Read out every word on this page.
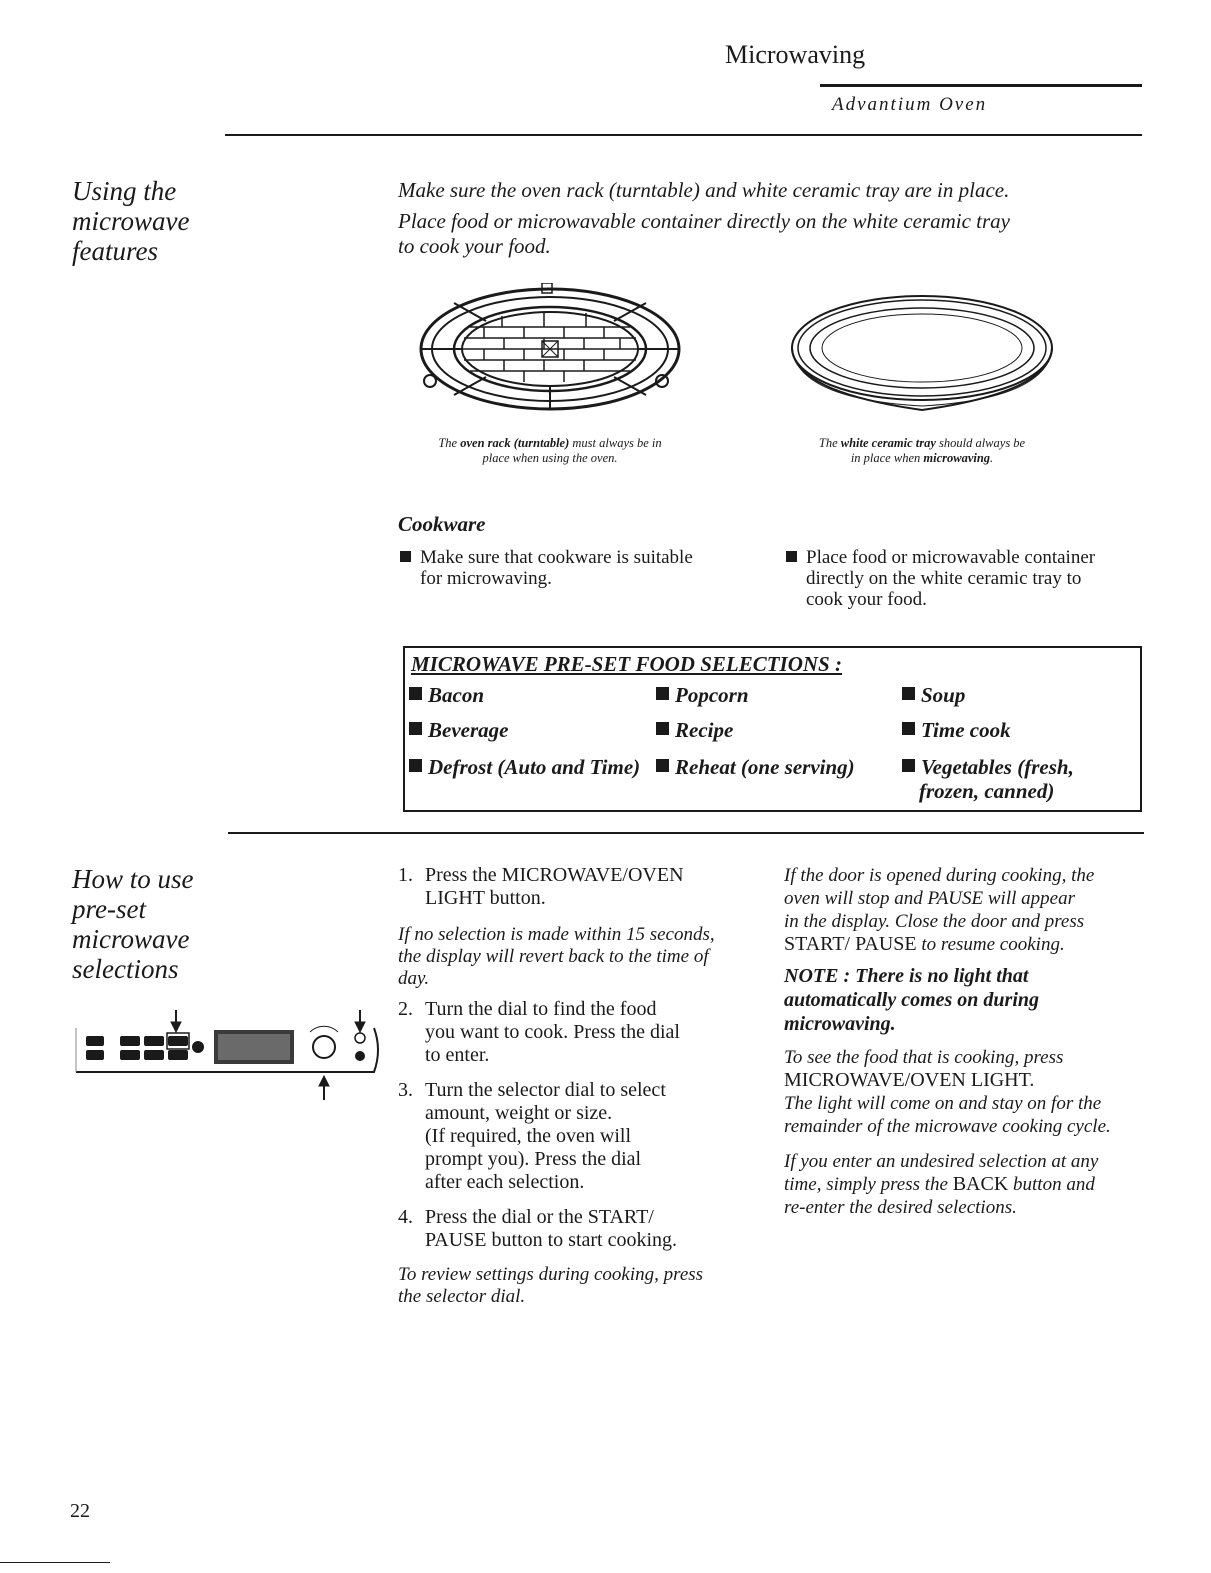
Microwaving
Advantium Oven
Using the
microwave
features
Make sure the oven rack (turntable) and white ceramic tray are in place.
Place food or microwavable container directly on the white ceramic tray
to cook your food.
The oven rack (turntable) must always be in
place when using the oven.
The white ceramic tray should always be
in place when microwaving.
Cookware
Make sure that cookware is suitable
for microwaving.
Place food or microwavable container
directly on the white ceramic tray to
cook your food.
MICROWAVE PRE-SET FOOD SELECTIONS :
Bacon
Beverage
Defrost (Auto and Time)
Popcorn
Recipe
Reheat (one serving)
Soup
Time cook
Vegetables (fresh,
frozen, canned)
How to use
pre-set
microwave
selections
1. Press the MICROWAVE/OVEN
LIGHT button.
If no selection is made within 15 seconds,
the display will revert back to the time of
day.
2. Turn the dial to find the food
you want to cook. Press the dial
to enter.
3. Turn the selector dial to select
amount, weight or size.
(If required, the oven will
prompt you). Press the dial
after each selection.
4. Press the dial or the START/
PAUSE button to start cooking.
To review settings during cooking, press
the selector dial.
If the door is opened during cooking, the
oven will stop and PAUSE will appear
in the display. Close the door and press
START/ PAUSE to resume cooking.
NOTE : There is no light that
automatically comes on during
microwaving.
To see the food that is cooking, press
MICROWAVE/OVEN LIGHT.
The light will come on and stay on for the
remainder of the microwave cooking cycle.
If you enter an undesired selection at any
time, simply press the BACK button and
re-enter the desired selections.
22
